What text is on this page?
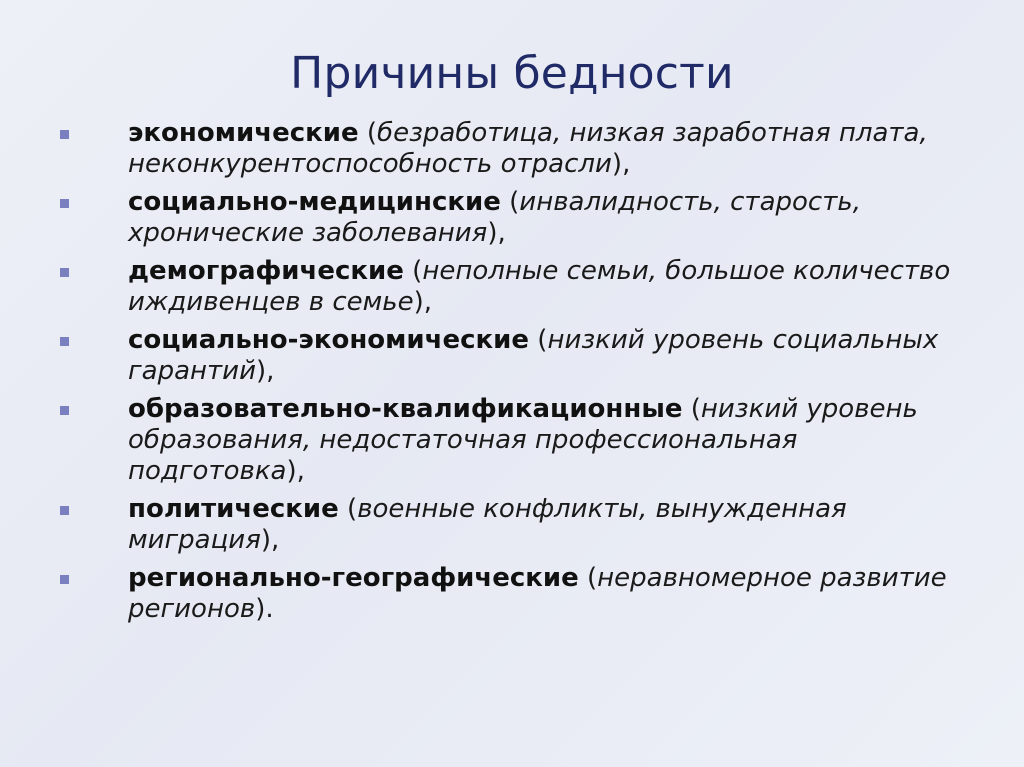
Причины бедности
экономические (безработица, низкая заработная плата, неконкурентоспособность отрасли),
социально-медицинские (инвалидность, старость, хронические заболевания),
демографические (неполные семьи, большое количество иждивенцев в семье),
социально-экономические (низкий уровень социальных гарантий),
образовательно-квалификационные (низкий уровень образования, недостаточная профессиональная подготовка),
политические (военные конфликты, вынужденная миграция),
регионально-географические (неравномерное развитие регионов).
